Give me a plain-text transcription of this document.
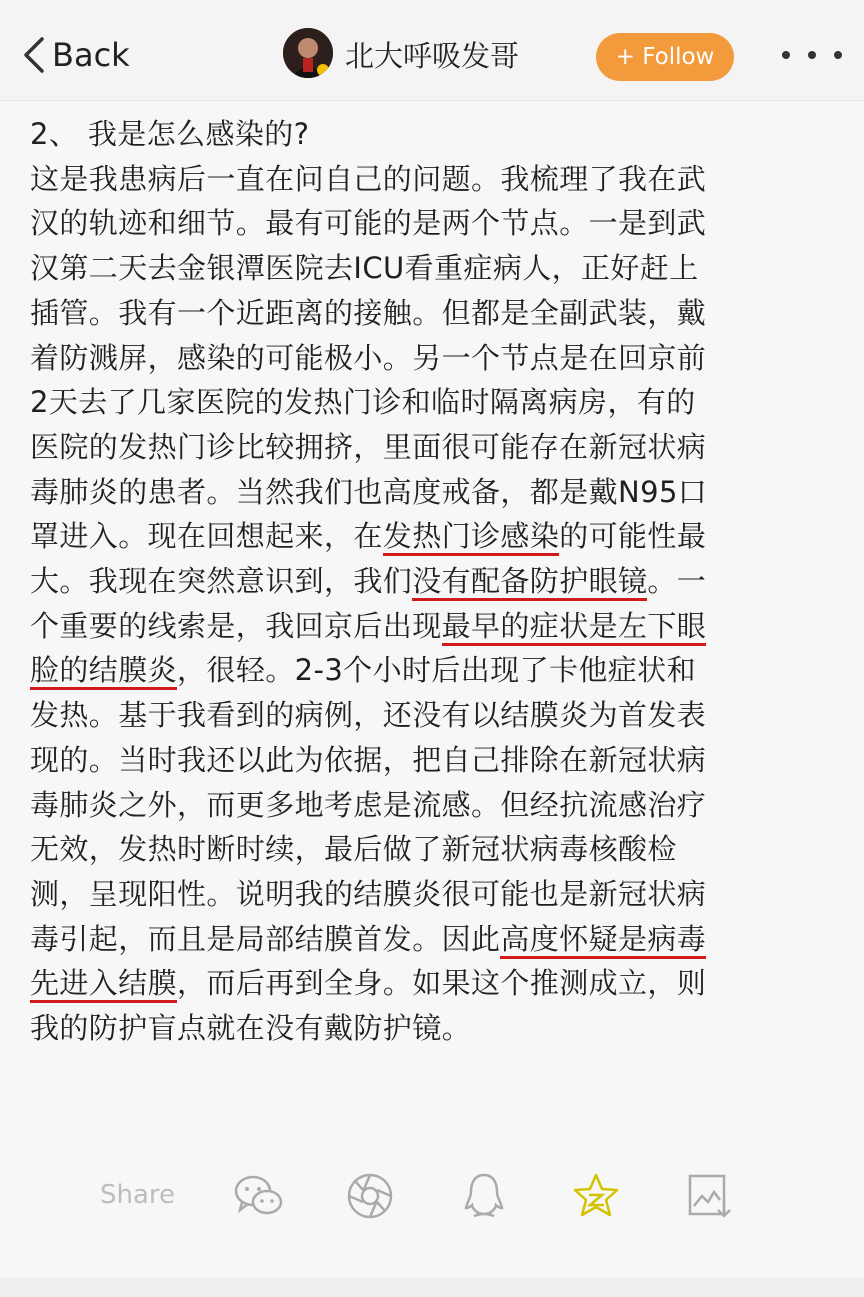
Back	北大呼吸发哥	+ Follow

2、 我是怎么感染的?

这是我患病后一直在问自己的问题。我梳理了我在武

汉的轨迹和细节。最有可能的是两个节点。一是到武

汉第二天去金银潭医院去ICU看重症病人，正好赶上

插管。我有一个近距离的接触。但都是全副武装，戴

着防溅屏，感染的可能极小。另一个节点是在回京前

2天去了几家医院的发热门诊和临时隔离病房，有的

医院的发热门诊比较拥挤，里面很可能存在新冠状病

毒肺炎的患者。当然我们也高度戒备，都是戴N95口

罩进入。现在回想起来，在发热门诊感染的可能性最

大。我现在突然意识到，我们没有配备防护眼镜。一

个重要的线索是，我回京后出现最早的症状是左下眼

脸的结膜炎，很轻。2-3个小时后出现了卡他症状和

发热。基于我看到的病例，还没有以结膜炎为首发表

现的。当时我还以此为依据，把自己排除在新冠状病

毒肺炎之外，而更多地考虑是流感。但经抗流感治疗

无效，发热时断时续，最后做了新冠状病毒核酸检

测，呈现阳性。说明我的结膜炎很可能也是新冠状病

毒引起，而且是局部结膜首发。因此高度怀疑是病毒

先进入结膜，而后再到全身。如果这个推测成立，则

我的防护盲点就在没有戴防护镜。

Share
